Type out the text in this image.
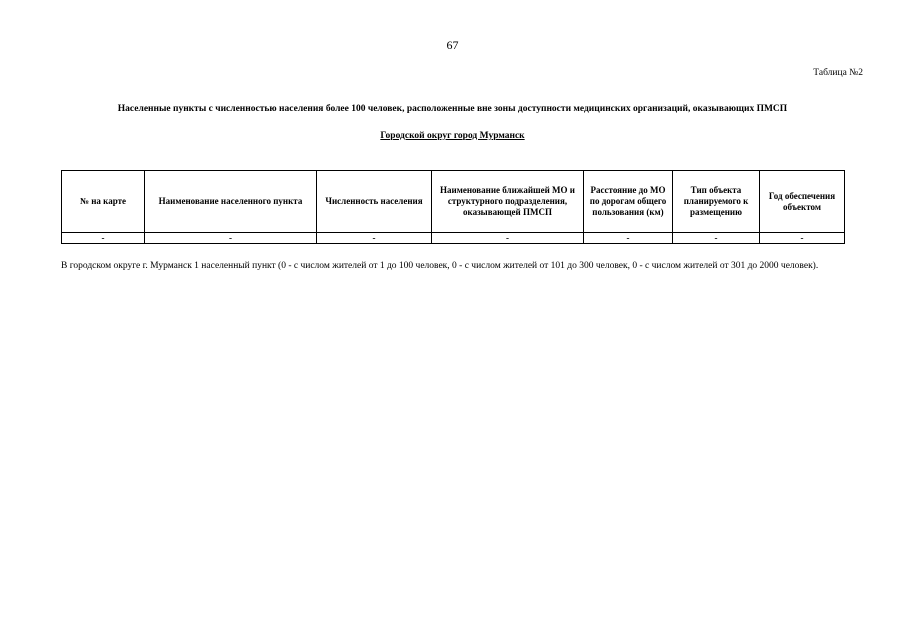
67
Таблица №2
Населенные пункты с численностью населения более 100 человек, расположенные вне зоны доступности медицинских организаций, оказывающих ПМСП
Городской округ город Мурманск
№ на карте	Наименование населенного пункта	Численность населения	Наименование ближайшей МО и структурного подразделения, оказывающей ПМСП	Расстояние до МО по дорогам общего пользования (км)	Тип объекта планируемого к размещению	Год обеспечения объектом
-	-	-	-	-	-	-
В городском округе г. Мурманск 1 населенный пункт (0 - с числом жителей от 1 до 100 человек, 0 - с числом жителей от 101 до 300 человек, 0 - с числом жителей от 301 до 2000 человек).
